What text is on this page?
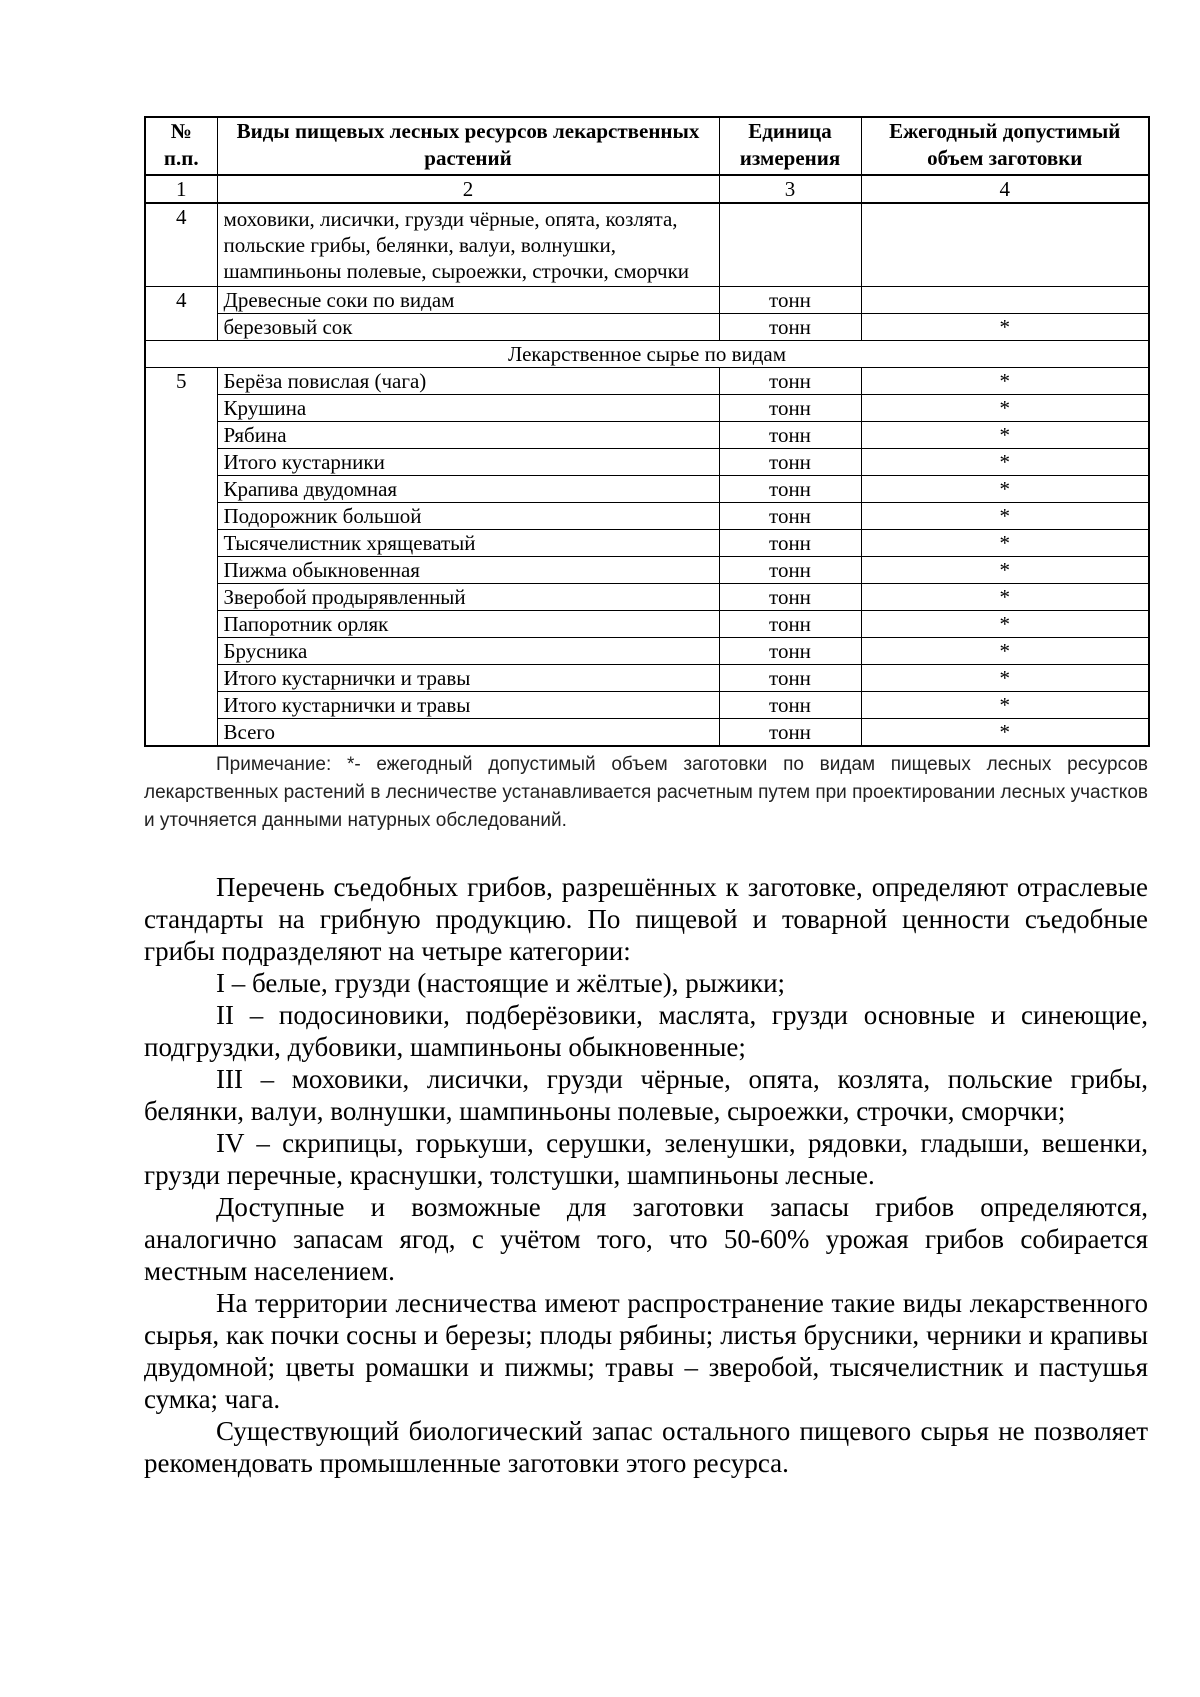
№ п.п.	Виды пищевых лесных ресурсов лекарственных растений	Единица измерения	Ежегодный допустимый объем заготовки
1	2	3	4
4	моховики, лисички, грузди чёрные, опята, козлята, польские грибы, белянки, валуи, волнушки, шампиньоны полевые, сыроежки, строчки, сморчки		
4	Древесные соки по видам	тонн	
	березовый сок	тонн	*
Лекарственное сырье по видам			
5	Берёза повислая (чага)	тонн	*
	Крушина	тонн	*
	Рябина	тонн	*
	Итого кустарники	тонн	*
	Крапива двудомная	тонн	*
	Подорожник большой	тонн	*
	Тысячелистник хрящеватый	тонн	*
	Пижма обыкновенная	тонн	*
	Зверобой продырявленный	тонн	*
	Папоротник орляк	тонн	*
	Брусника	тонн	*
	Итого кустарнички и травы	тонн	*
	Итого кустарнички и травы	тонн	*
	Всего	тонн	*

Примечание: *- ежегодный допустимый объем заготовки по видам пищевых лесных ресурсов лекарственных растений в лесничестве устанавливается расчетным путем при проектировании лесных участков и уточняется данными натурных обследований.

Перечень съедобных грибов, разрешённых к заготовке, определяют отраслевые стандарты на грибную продукцию. По пищевой и товарной ценности съедобные грибы подразделяют на четыре категории:

I – белые, грузди (настоящие и жёлтые), рыжики;

II – подосиновики, подберёзовики, маслята, грузди основные и синеющие, подгруздки, дубовики, шампиньоны обыкновенные;

III – моховики, лисички, грузди чёрные, опята, козлята, польские грибы, белянки, валуи, волнушки, шампиньоны полевые, сыроежки, строчки, сморчки;

IV – скрипицы, горькуши, серушки, зеленушки, рядовки, гладыши, вешенки, грузди перечные, краснушки, толстушки, шампиньоны лесные.

Доступные и возможные для заготовки запасы грибов определяются, аналогично запасам ягод, с учётом того, что 50-60% урожая грибов собирается местным населением.

На территории лесничества имеют распространение такие виды лекарственного сырья, как почки сосны и березы; плоды рябины; листья брусники, черники и крапивы двудомной; цветы ромашки и пижмы; травы – зверобой, тысячелистник и пастушья сумка; чага.

Существующий биологический запас остального пищевого сырья не позволяет рекомендовать промышленные заготовки этого ресурса.
